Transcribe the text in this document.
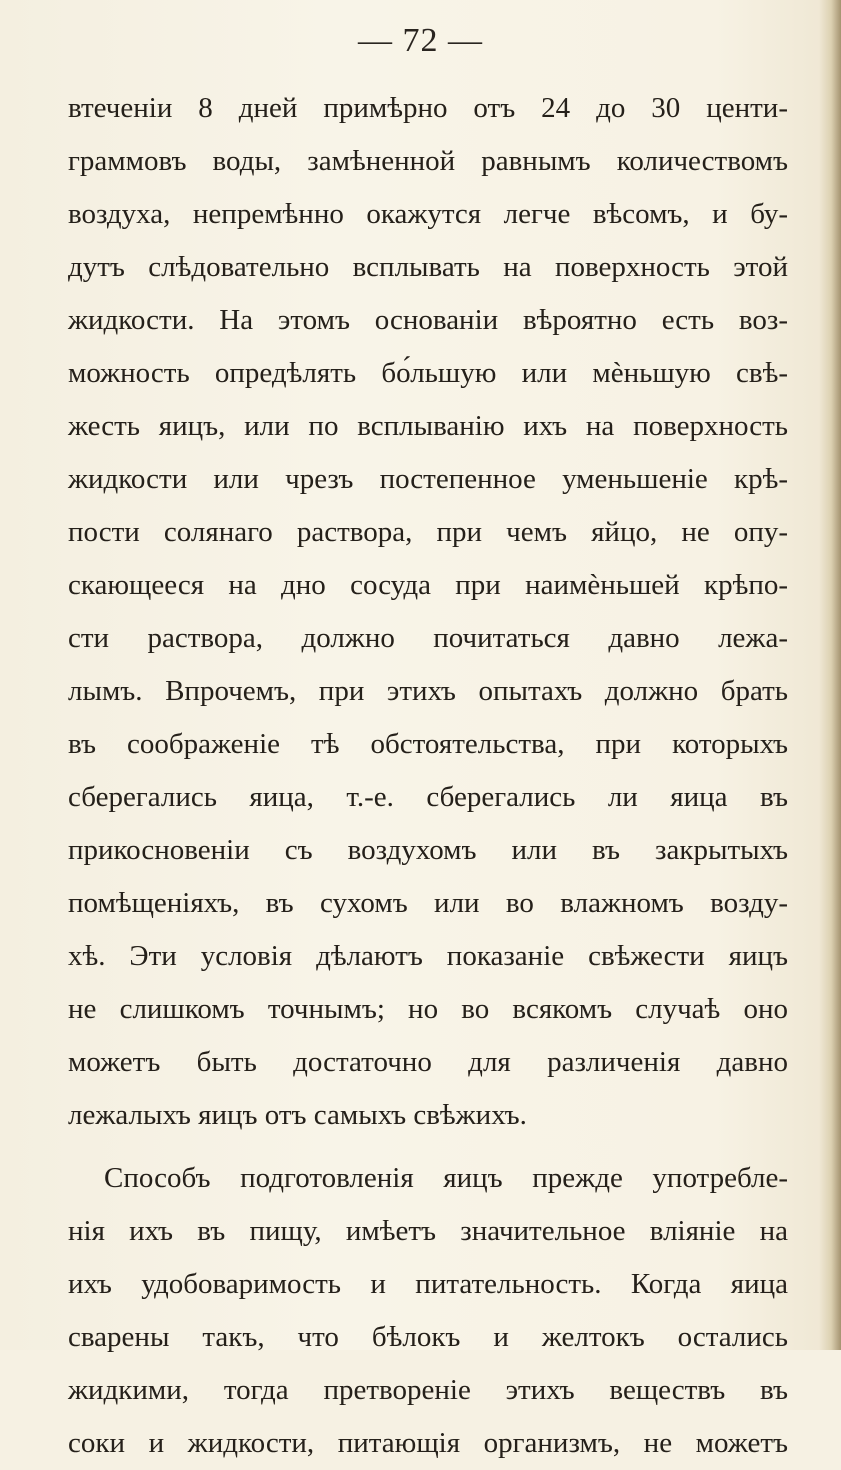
— 72 —
втеченіи 8 дней примѣрно отъ 24 до 30 центи-
граммовъ воды, замѣненной равнымъ количествомъ
воздуха, непремѣнно окажутся легче вѣсомъ, и бу-
дутъ слѣдовательно всплывать на поверхность этой
жидкости. На этомъ основаніи вѣроятно есть воз-
можность опредѣлять бо́льшую или мѐньшую свѣ-
жесть яицъ, или по всплыванію ихъ на поверхность
жидкости или чрезъ постепенное уменьшеніе крѣ-
пости солянаго раствора, при чемъ яйцо, не опу-
скающееся на дно сосуда при наимѐньшей крѣпо-
сти раствора, должно почитаться давно лежа-
лымъ. Впрочемъ, при этихъ опытахъ должно брать
въ соображеніе тѣ обстоятельства, при которыхъ
сберегались яица, т.-е. сберегались ли яица въ
прикосновеніи съ воздухомъ или въ закрытыхъ
помѣщеніяхъ, въ сухомъ или во влажномъ возду-
хѣ. Эти условія дѣлаютъ показаніе свѣжести яицъ
не слишкомъ точнымъ; но во всякомъ случаѣ оно
можетъ быть достаточно для различенія давно
лежалыхъ яицъ отъ самыхъ свѣжихъ.
Способъ подготовленія яицъ прежде употребле-
нія ихъ въ пищу, имѣетъ значительное вліяніе на
ихъ удобоваримость и питательность. Когда яица
сварены такъ, что бѣлокъ и желтокъ остались
жидкими, тогда претвореніе этихъ веществъ въ
соки и жидкости, питающія организмъ, не можетъ
